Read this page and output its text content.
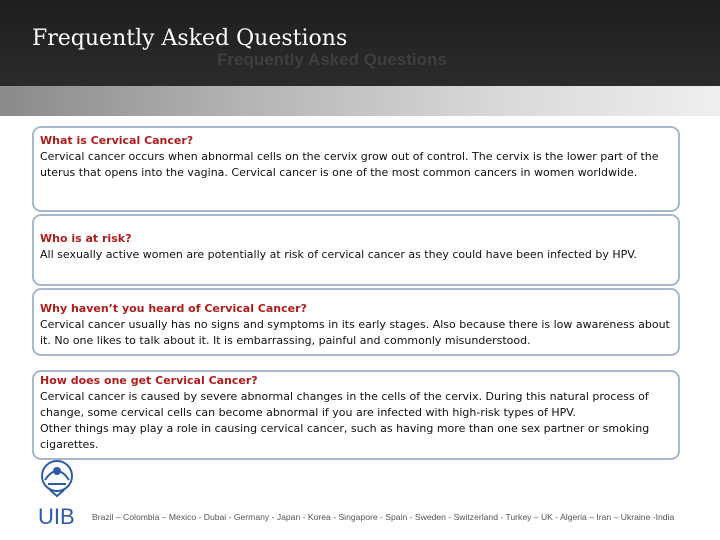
Frequently Asked Questions
Frequently Asked Questions

What is Cervical Cancer?

Cervical cancer occurs when abnormal cells on the cervix grow out of control. The cervix is the lower part of the uterus that opens into the vagina. Cervical cancer is one of the most common cancers in women worldwide.

Who is at risk?

All sexually active women are potentially at risk of cervical cancer as they could have been infected by HPV.

Why haven’t you heard of Cervical Cancer?

Cervical cancer usually has no signs and symptoms in its early stages. Also because there is low awareness about it. No one likes to talk about it. It is embarrassing, painful and commonly misunderstood.

How does one get Cervical Cancer?

Cervical cancer is caused by severe abnormal changes in the cells of the cervix. During this natural process of change, some cervical cells can become abnormal if you are infected with high-risk types of HPV.

Other things may play a role in causing cervical cancer, such as having more than one sex partner or smoking cigarettes.

UIB Brazil – Colombia – Mexico - Dubai - Germany - Japan - Korea - Singapore - Spain - Sweden - Switzerland - Turkey – UK - Algeria – Iran – Ukraine -India
